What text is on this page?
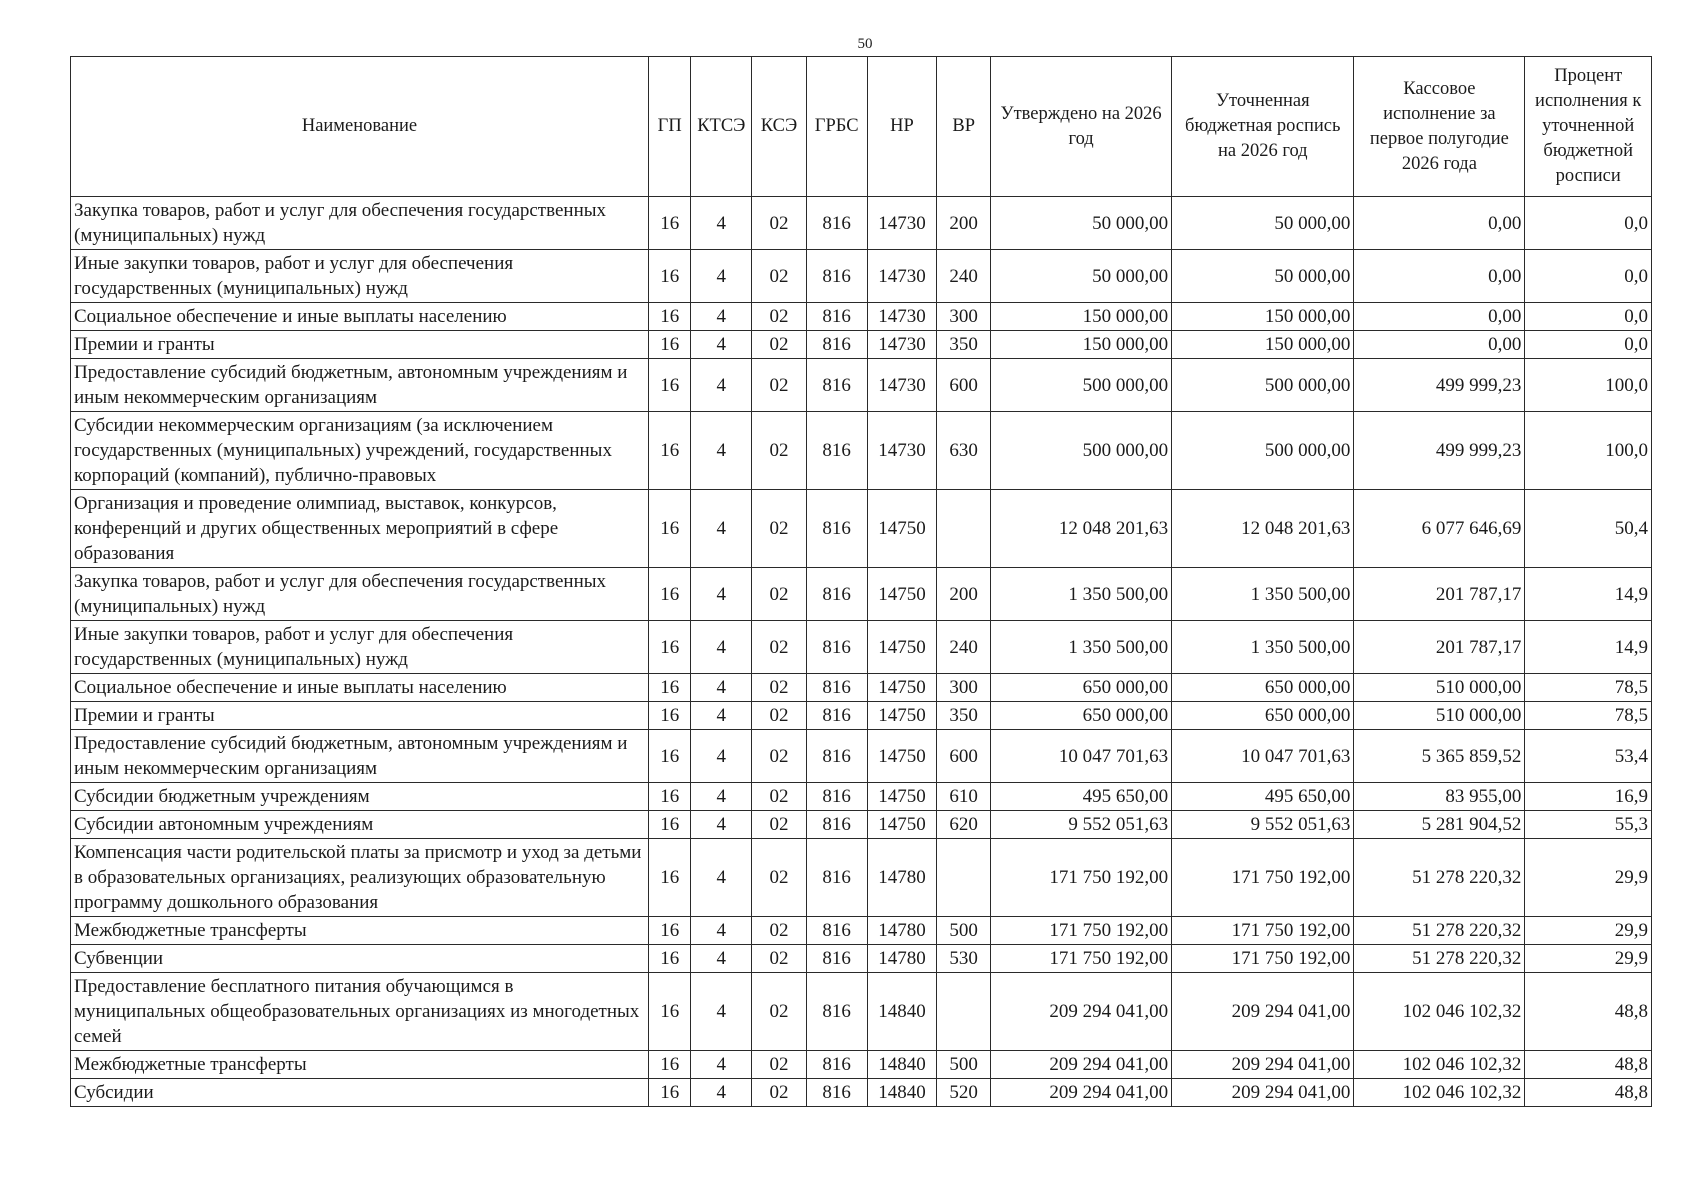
50
Наименование	ГП	КТСЭ	КСЭ	ГРБС	НР	ВР	Утверждено на 2026 год	Уточненная бюджетная роспись на 2026 год	Кассовое исполнение за первое полугодие 2026 года	Процент исполнения к уточненной бюджетной росписи
Закупка товаров, работ и услуг для обеспечения государственных (муниципальных) нужд	16	4	02	816	14730	200	50 000,00	50 000,00	0,00	0,0
Иные закупки товаров, работ и услуг для обеспечения государственных (муниципальных) нужд	16	4	02	816	14730	240	50 000,00	50 000,00	0,00	0,0
Социальное обеспечение и иные выплаты населению	16	4	02	816	14730	300	150 000,00	150 000,00	0,00	0,0
Премии и гранты	16	4	02	816	14730	350	150 000,00	150 000,00	0,00	0,0
Предоставление субсидий бюджетным, автономным учреждениям и иным некоммерческим организациям	16	4	02	816	14730	600	500 000,00	500 000,00	499 999,23	100,0
Субсидии некоммерческим организациям (за исключением государственных (муниципальных) учреждений, государственных корпораций (компаний), публично-правовых	16	4	02	816	14730	630	500 000,00	500 000,00	499 999,23	100,0
Организация и проведение олимпиад, выставок, конкурсов, конференций и других общественных мероприятий в сфере образования	16	4	02	816	14750		12 048 201,63	12 048 201,63	6 077 646,69	50,4
Закупка товаров, работ и услуг для обеспечения государственных (муниципальных) нужд	16	4	02	816	14750	200	1 350 500,00	1 350 500,00	201 787,17	14,9
Иные закупки товаров, работ и услуг для обеспечения государственных (муниципальных) нужд	16	4	02	816	14750	240	1 350 500,00	1 350 500,00	201 787,17	14,9
Социальное обеспечение и иные выплаты населению	16	4	02	816	14750	300	650 000,00	650 000,00	510 000,00	78,5
Премии и гранты	16	4	02	816	14750	350	650 000,00	650 000,00	510 000,00	78,5
Предоставление субсидий бюджетным, автономным учреждениям и иным некоммерческим организациям	16	4	02	816	14750	600	10 047 701,63	10 047 701,63	5 365 859,52	53,4
Субсидии бюджетным учреждениям	16	4	02	816	14750	610	495 650,00	495 650,00	83 955,00	16,9
Субсидии автономным учреждениям	16	4	02	816	14750	620	9 552 051,63	9 552 051,63	5 281 904,52	55,3
Компенсация части родительской платы за присмотр и уход за детьми в образовательных организациях, реализующих образовательную программу дошкольного образования	16	4	02	816	14780		171 750 192,00	171 750 192,00	51 278 220,32	29,9
Межбюджетные трансферты	16	4	02	816	14780	500	171 750 192,00	171 750 192,00	51 278 220,32	29,9
Субвенции	16	4	02	816	14780	530	171 750 192,00	171 750 192,00	51 278 220,32	29,9
Предоставление бесплатного питания обучающимся в муниципальных общеобразовательных организациях из многодетных семей	16	4	02	816	14840		209 294 041,00	209 294 041,00	102 046 102,32	48,8
Межбюджетные трансферты	16	4	02	816	14840	500	209 294 041,00	209 294 041,00	102 046 102,32	48,8
Субсидии	16	4	02	816	14840	520	209 294 041,00	209 294 041,00	102 046 102,32	48,8
